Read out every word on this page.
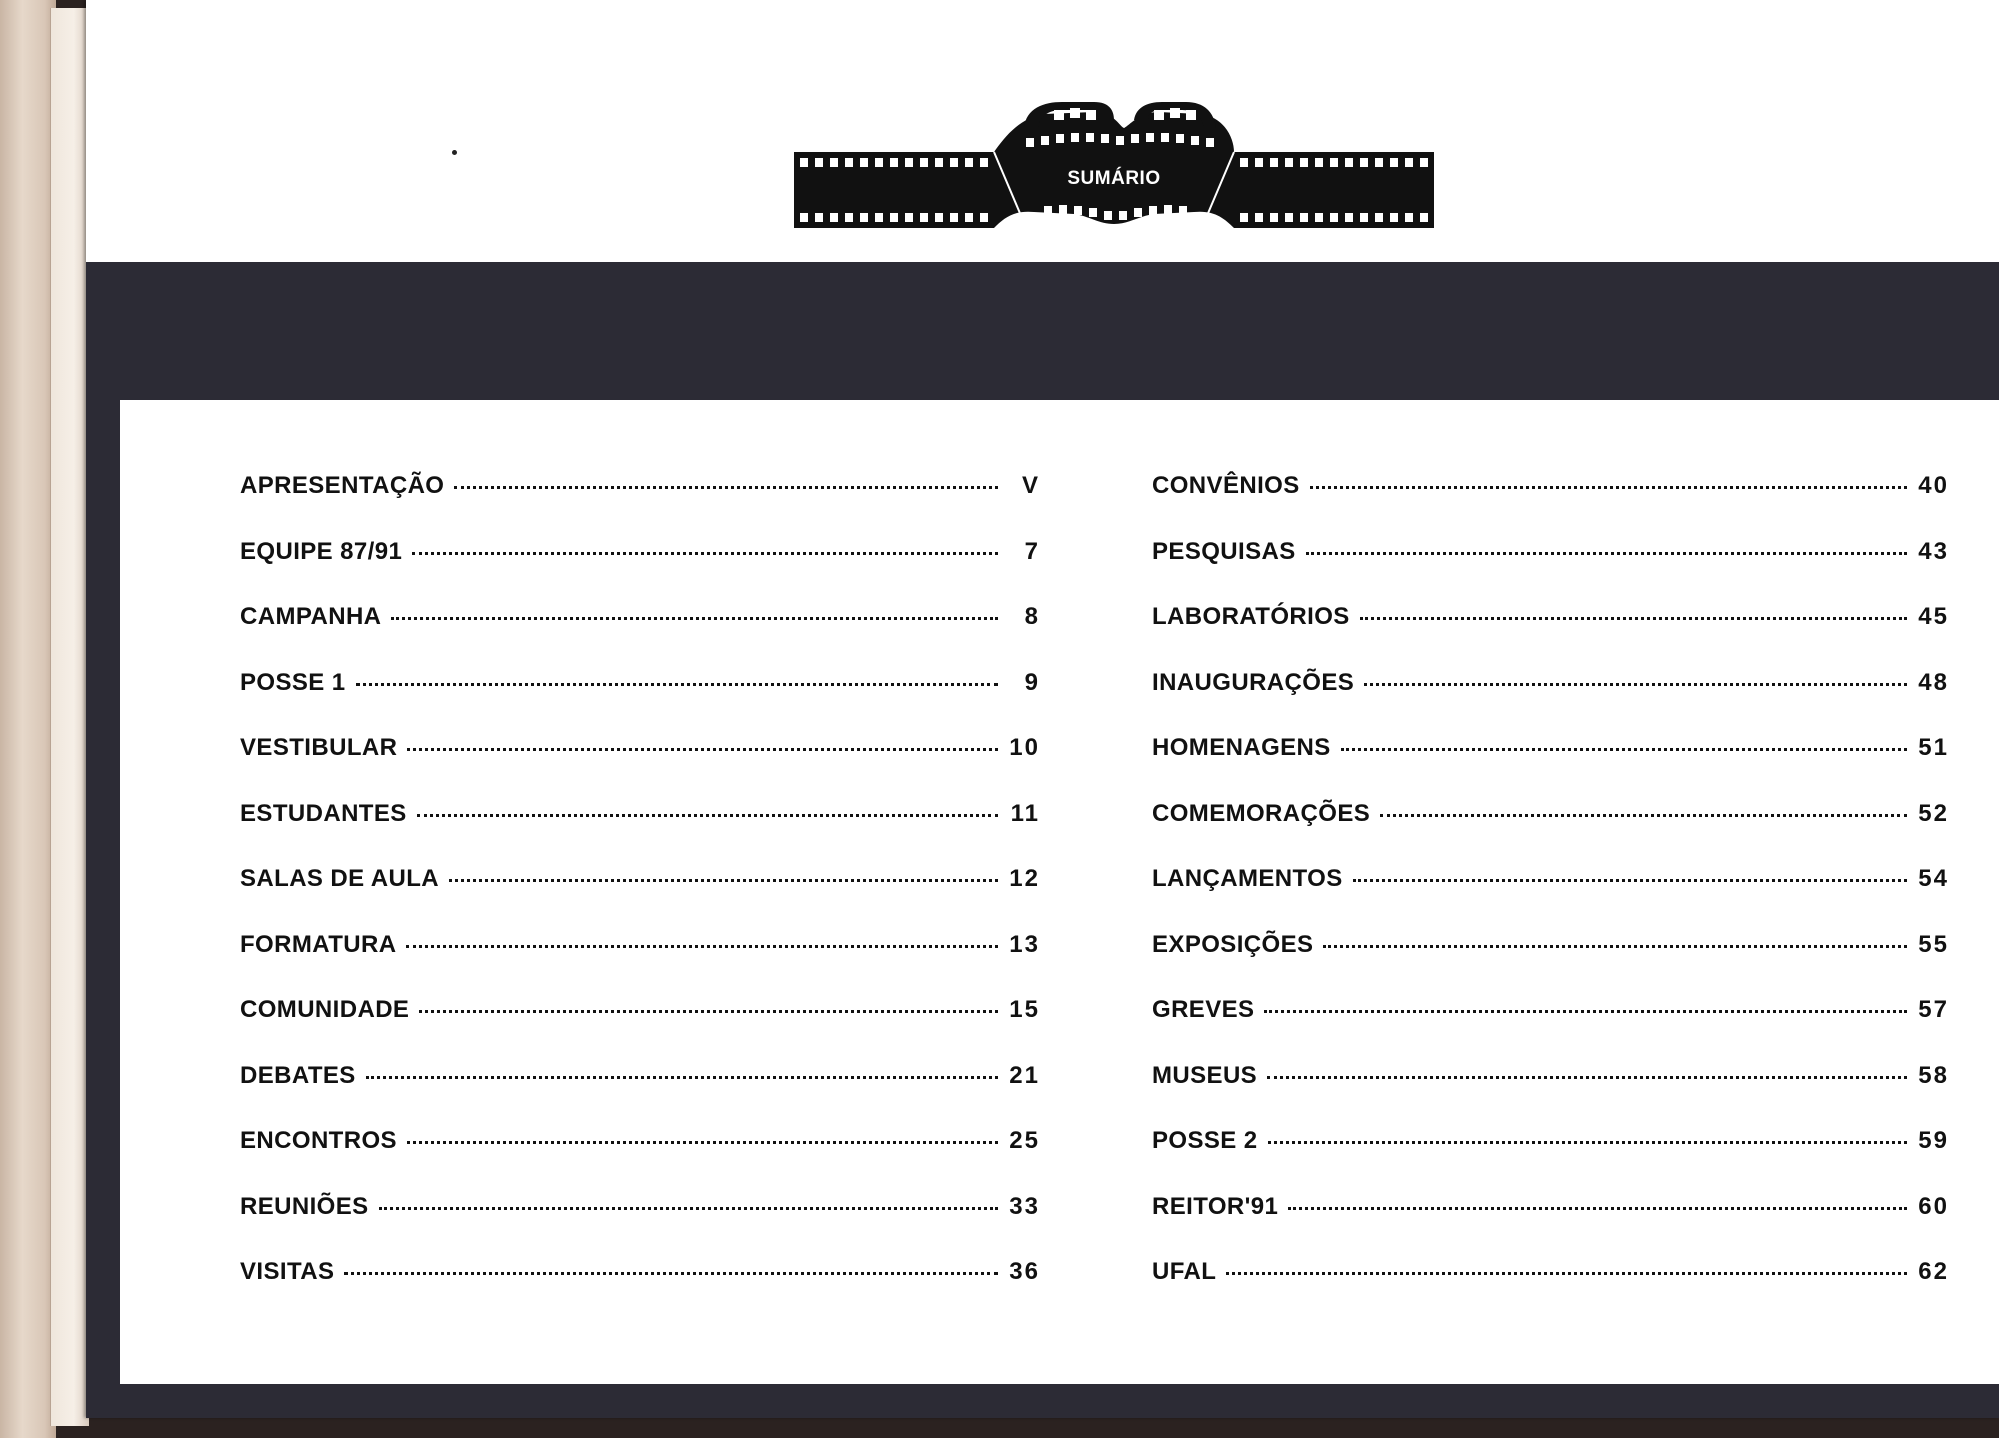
SUMÁRIO
APRESENTAÇÃO	V
EQUIPE 87/91	7
CAMPANHA	8
POSSE 1	9
VESTIBULAR	10
ESTUDANTES	11
SALAS DE AULA	12
FORMATURA	13
COMUNIDADE	15
DEBATES	21
ENCONTROS	25
REUNIÕES	33
VISITAS	36
CONVÊNIOS	40
PESQUISAS	43
LABORATÓRIOS	45
INAUGURAÇÕES	48
HOMENAGENS	51
COMEMORAÇÕES	52
LANÇAMENTOS	54
EXPOSIÇÕES	55
GREVES	57
MUSEUS	58
POSSE 2	59
REITOR'91	60
UFAL	62
